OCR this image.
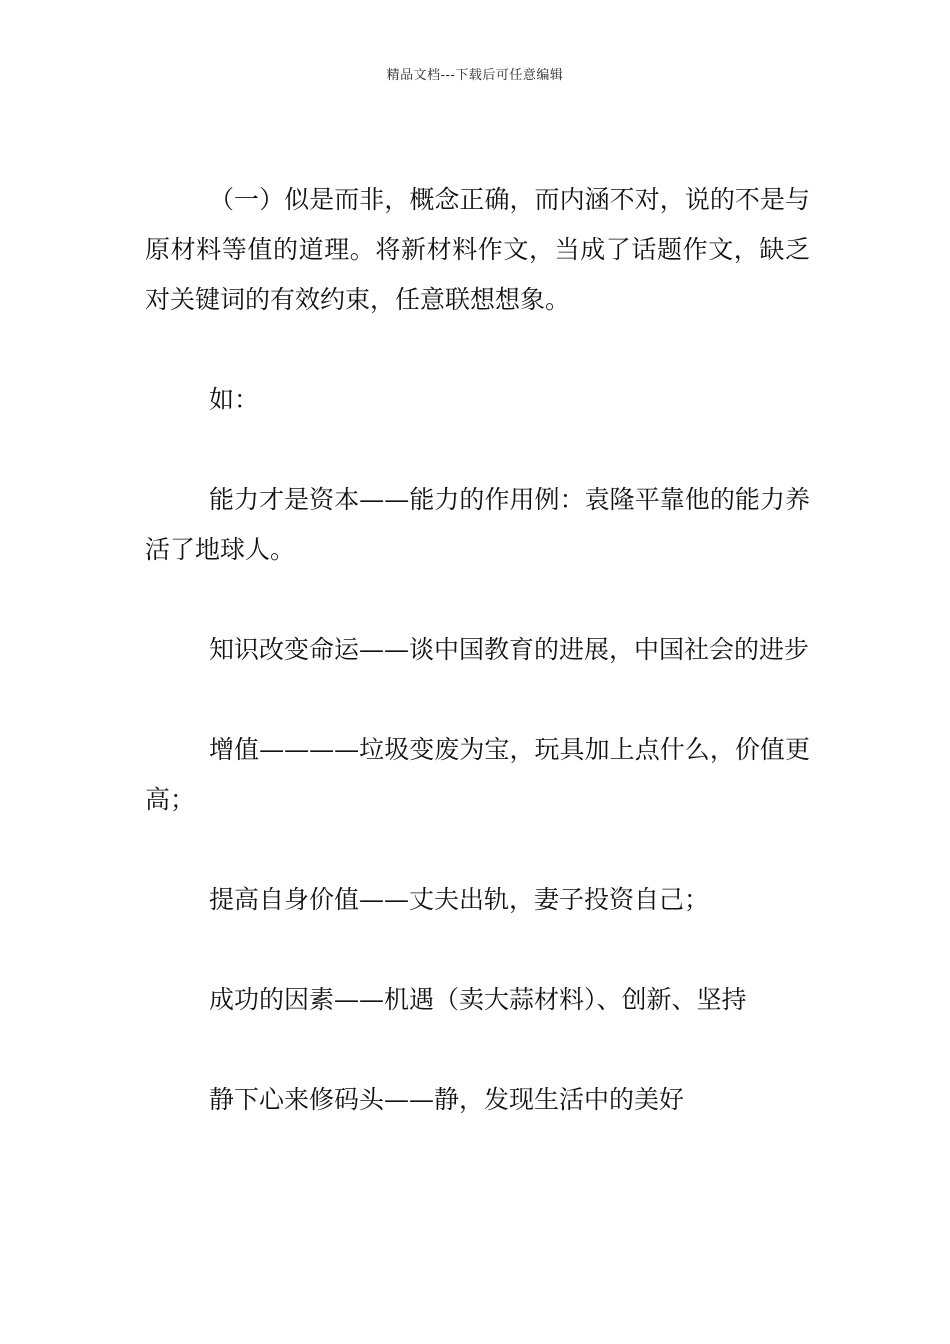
精品文档---下载后可任意编辑

（一）似是而非，概念正确，而内涵不对，说的不是与原材料等值的道理。将新材料作文，当成了话题作文，缺乏对关键词的有效约束，任意联想想象。

如：

能力才是资本——能力的作用例：袁隆平靠他的能力养活了地球人。

知识改变命运——谈中国教育的进展，中国社会的进步

增值————垃圾变废为宝，玩具加上点什么，价值更高；

提高自身价值——丈夫出轨，妻子投资自己；

成功的因素——机遇（卖大蒜材料）、创新、坚持

静下心来修码头——静，发现生活中的美好
